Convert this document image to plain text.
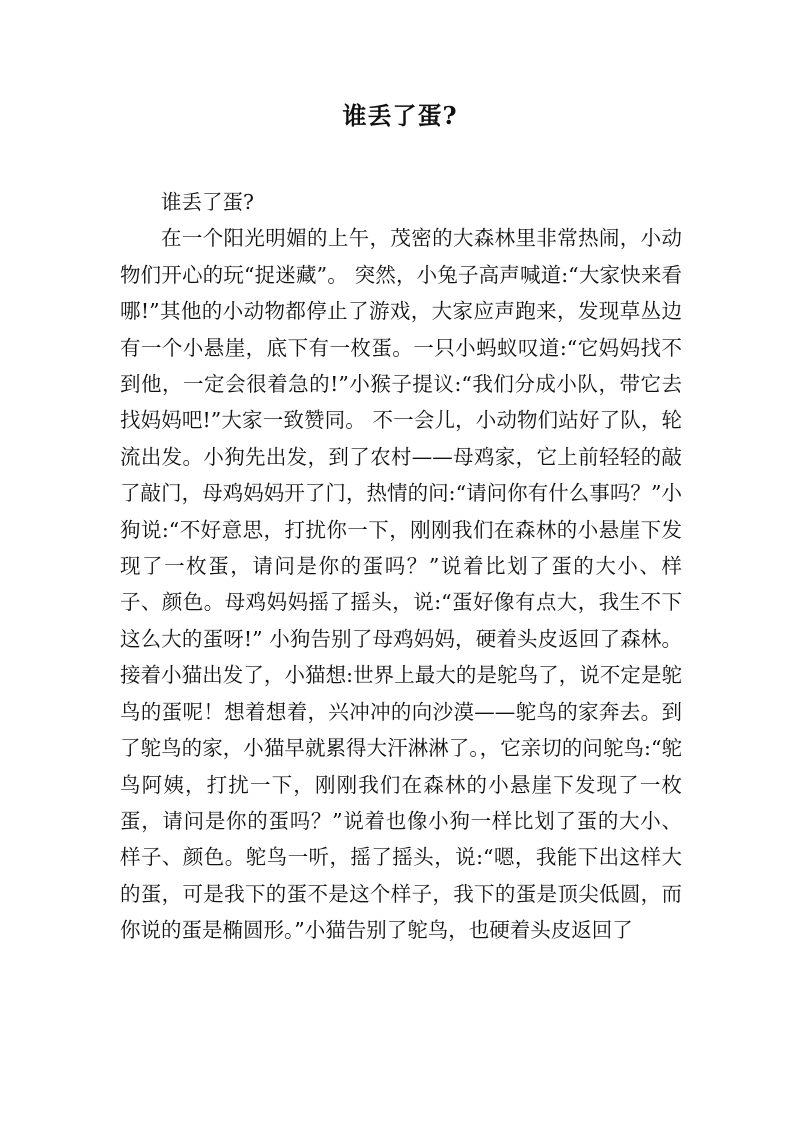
谁丢了蛋?

谁丢了蛋?

在一个阳光明媚的上午，茂密的大森林里非常热闹，小动物们开心的玩“捉迷藏”。 突然，小兔子高声喊道:“大家快来看哪!”其他的小动物都停止了游戏，大家应声跑来，发现草丛边有一个小悬崖，底下有一枚蛋。一只小蚂蚁叹道:“它妈妈找不到他，一定会很着急的!”小猴子提议:“我们分成小队，带它去找妈妈吧!”大家一致赞同。 不一会儿，小动物们站好了队，轮流出发。小狗先出发，到了农村——母鸡家，它上前轻轻的敲了敲门，母鸡妈妈开了门，热情的问:“请问你有什么事吗？”小狗说:“不好意思，打扰你一下，刚刚我们在森林的小悬崖下发现了一枚蛋，请问是你的蛋吗？”说着比划了蛋的大小、样子、颜色。母鸡妈妈摇了摇头，说:“蛋好像有点大，我生不下这么大的蛋呀!” 小狗告别了母鸡妈妈，硬着头皮返回了森林。接着小猫出发了，小猫想:世界上最大的是鸵鸟了，说不定是鸵鸟的蛋呢！想着想着，兴冲冲的向沙漠——鸵鸟的家奔去。到了鸵鸟的家，小猫早就累得大汗淋淋了。，它亲切的问鸵鸟:“鸵鸟阿姨，打扰一下，刚刚我们在森林的小悬崖下发现了一枚蛋，请问是你的蛋吗？”说着也像小狗一样比划了蛋的大小、样子、颜色。鸵鸟一听，摇了摇头，说:“嗯，我能下出这样大的蛋，可是我下的蛋不是这个样子，我下的蛋是顶尖低圆，而你说的蛋是椭圆形。”小猫告别了鸵鸟，也硬着头皮返回了
